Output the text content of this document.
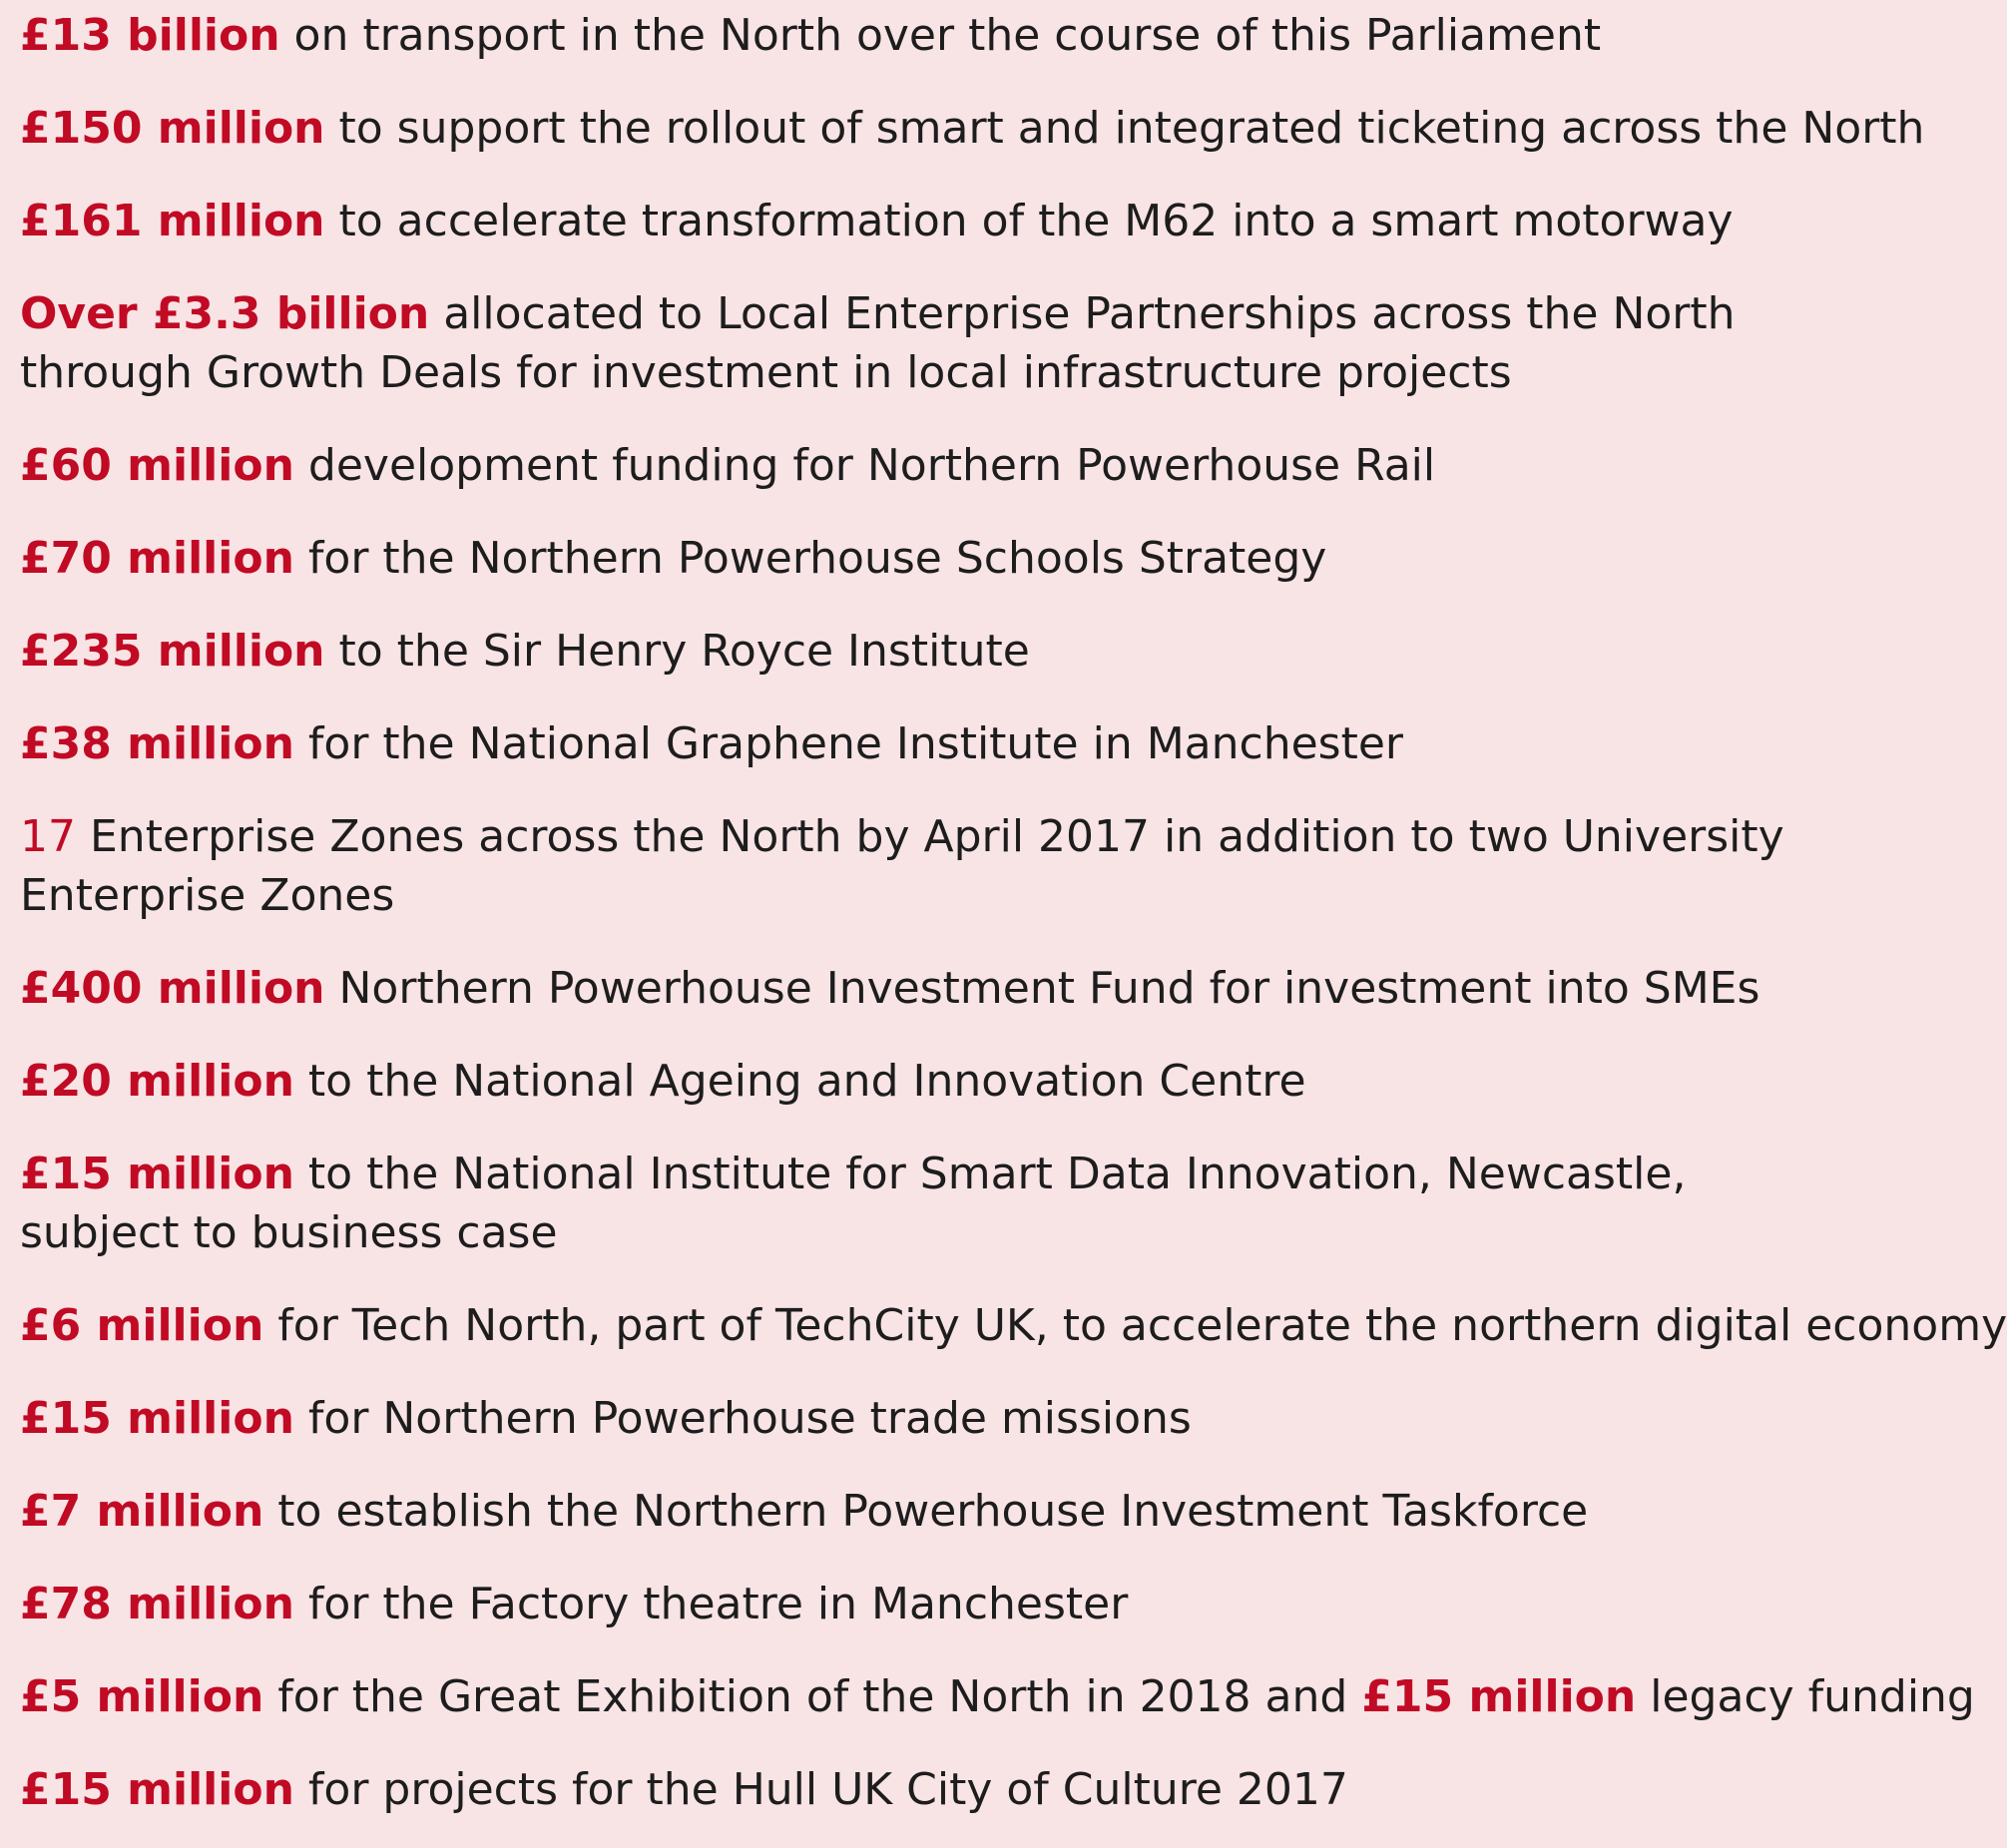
£13 billion on transport in the North over the course of this Parliament
£150 million to support the rollout of smart and integrated ticketing across the North
£161 million to accelerate transformation of the M62 into a smart motorway
Over £3.3 billion allocated to Local Enterprise Partnerships across the North through Growth Deals for investment in local infrastructure projects
£60 million development funding for Northern Powerhouse Rail
£70 million for the Northern Powerhouse Schools Strategy
£235 million to the Sir Henry Royce Institute
£38 million for the National Graphene Institute in Manchester
17 Enterprise Zones across the North by April 2017 in addition to two University Enterprise Zones
£400 million Northern Powerhouse Investment Fund for investment into SMEs
£20 million to the National Ageing and Innovation Centre
£15 million to the National Institute for Smart Data Innovation, Newcastle, subject to business case
£6 million for Tech North, part of TechCity UK, to accelerate the northern digital economy
£15 million for Northern Powerhouse trade missions
£7 million to establish the Northern Powerhouse Investment Taskforce
£78 million for the Factory theatre in Manchester
£5 million for the Great Exhibition of the North in 2018 and £15 million legacy funding
£15 million for projects for the Hull UK City of Culture 2017
